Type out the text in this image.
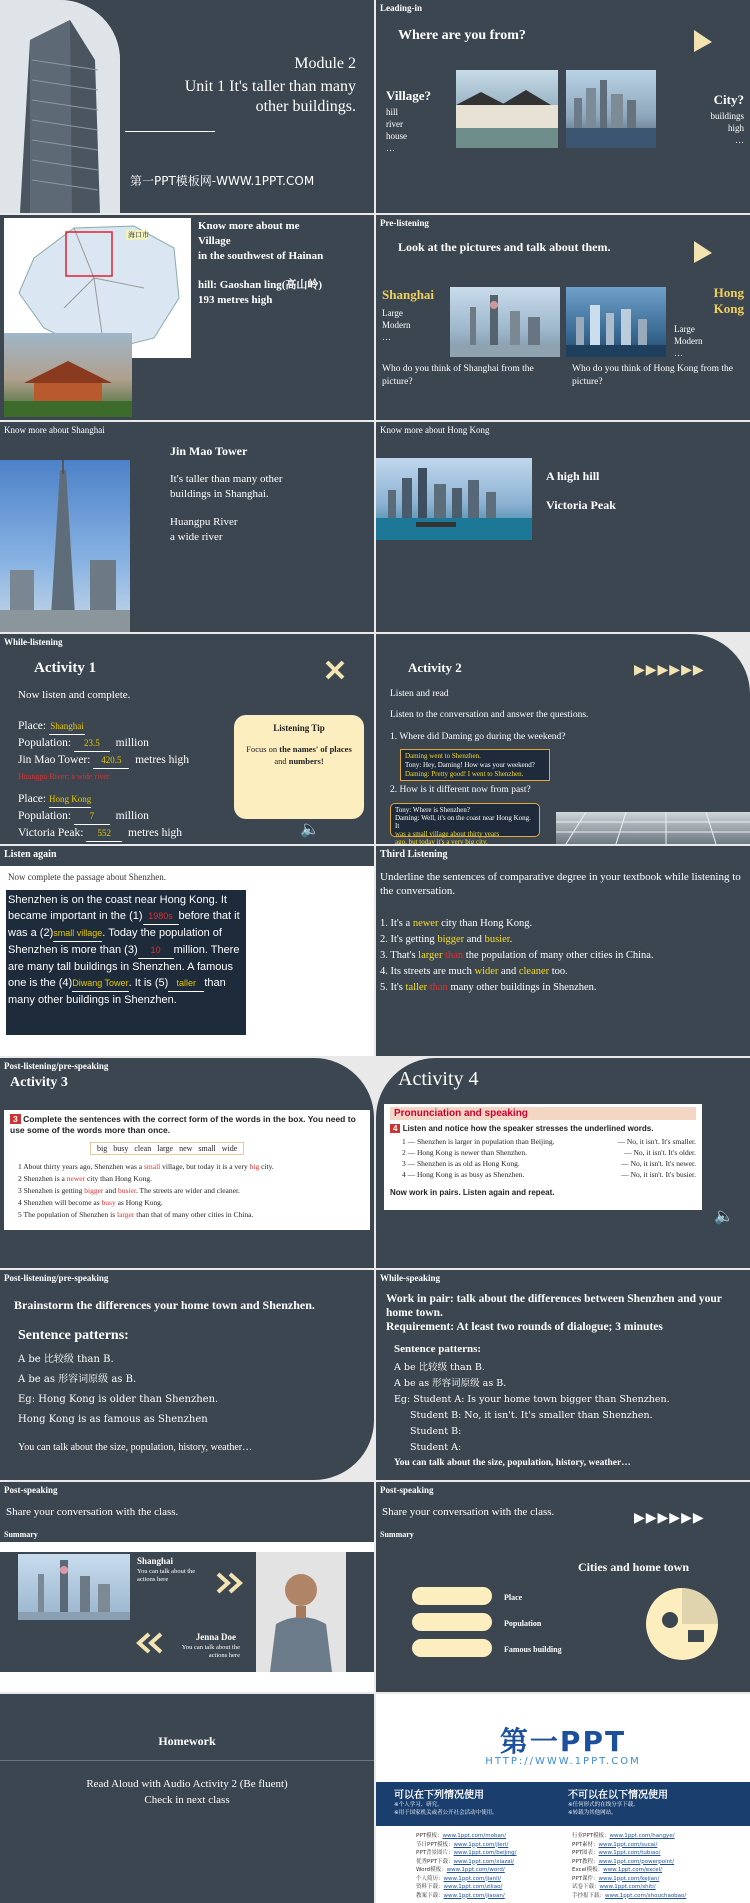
Module 2
Unit 1 It's taller than many
other buildings.
第一PPT模板网-WWW.1PPT.COM
Leading-in
Where are you from?
Village?
hill
river
house
…
City?
buildings
high
…
海口市
Know more about me
Village
in the southwest of Hainan
hill: Gaoshan ling(高山岭)
193 metres high
Pre-listening
Look at the pictures and talk about them.
Shanghai
Large
Modern
…
Hong
Kong
Large
Modern
…
Who do you think of Shanghai from the picture?
Who do you think of Hong Kong from the picture?
Know more about Shanghai
Jin Mao Tower
It's taller than many other
buildings in Shanghai.
Huangpu River
a wide river
Know more about Hong Kong
A high hill
Victoria Peak
While-listening
Activity 1
Now listen and complete.
Place: Shanghai
Population: 23.5 million
Jin Mao Tower: 420.5 metres high
Huangpu River: a wide river
Place: Hong Kong
Population: 7 million
Victoria Peak: 552 metres high
Listening Tip
Focus on the names' of places and numbers!
🔈
Activity 2	▶▶▶▶▶▶
Listen and read
Listen to the conversation and answer the questions.
1. Where did Daming go during the weekend?
Daming went to Shenzhen.
Tony: Hey, Daming! How was your weekend?
Daming: Pretty good! I went to Shenzhen.
2. How is it different now from past?
Tony: Where is Shenzhen?
Daming: Well, it's on the coast near Hong Kong. It
was a small village about thirty years
ago, but today it's a very big city.
Listen again
Now complete the passage about Shenzhen.
Shenzhen is on the coast near Hong Kong. It became important in the (1) 1980s before that it was a (2)small village. Today the population of Shenzhen is more than (3) 10 million. There are many tall buildings in Shenzhen. A famous one is the (4)Diwang Tower. It is (5) taller than many other buildings in Shenzhen.
Third Listening
Underline the sentences of comparative degree in your textbook while listening to the conversation.
1. It's a newer city than Hong Kong.
2. It's getting bigger and busier.
3. That's larger than the population of many other cities in China.
4. Its streets are much wider and cleaner too.
5. It's taller than many other buildings in Shenzhen.
Post-listening/pre-speaking
Activity 3
3 Complete the sentences with the correct form of the words in the box. You need to use some of the words more than once.
big busy clean large new small wide
1 About thirty years ago, Shenzhen was a small village, but today it is a very big city.
2 Shenzhen is a newer city than Hong Kong.
3 Shenzhen is getting bigger and busier. The streets are wider and cleaner.
4 Shenzhen will become as busy as Hong Kong.
5 The population of Shenzhen is larger than that of many other cities in China.
Activity 4
Pronunciation and speaking
4 Listen and notice how the speaker stresses the underlined words.
1 — Shenzhen is larger in population than Beijing.	— No, it isn't. It's smaller.
2 — Hong Kong is newer than Shenzhen.	— No, it isn't. It's older.
3 — Shenzhen is as old as Hong Kong.	— No, it isn't. It's newer.
4 — Hong Kong is as busy as Shenzhen.	— No, it isn't. It's busier.
Now work in pairs. Listen again and repeat.
🔈
Post-listening/pre-speaking
Brainstorm the differences your home town and Shenzhen.
Sentence patterns:
A be 比较级 than B.
A be as 形容词原级 as B.
Eg: Hong Kong is older than Shenzhen.
Hong Kong is as famous as Shenzhen
You can talk about the size, population, history, weather…
While-speaking
Work in pair: talk about the differences between Shenzhen and your home town.
Requirement: At least two rounds of dialogue; 3 minutes
Sentence patterns:
A be 比较级 than B.
A be as 形容词原级 as B.
Eg: Student A: Is your home town bigger than Shenzhen.
Student B: No, it isn't. It's smaller than Shenzhen.
Student B:
Student A:
You can talk about the size, population, history, weather…
Post-speaking
Share your conversation with the class.
Summary
Shanghai
You can talk about the actions here
Jenna Doe
You can talk about the actions here
Post-speaking
Share your conversation with the class.	▶▶▶▶▶▶
Summary
Cities and home town
Place
Population
Famous building
Homework
Read Aloud with Audio Activity 2 (Be fluent)
Check in next class
第一PPT
HTTP://WWW.1PPT.COM
可以在下列情况使用
※个人学习、研究。
※用于国家机关或者公开社会活动中使用。
不可以在以下情况使用
※任何形式的在线分享下载。
※转载为其他网站。
PPT模板：www.1ppt.com/moban/
节日PPT模板：www.1ppt.com/jieri/
PPT背景图片：www.1ppt.com/beijing/
优秀PPT下载：www.1ppt.com/xiazai/
Word模板：www.1ppt.com/word/
个人简历：www.1ppt.com/jianli/
资料下载：www.1ppt.com/ziliao/
教案下载：www.1ppt.com/jiaoan/
行业PPT模板：www.1ppt.com/hangye/
PPT素材：www.1ppt.com/sucai/
PPT图表：www.1ppt.com/tubiao/
PPT教程：www.1ppt.com/powerpoint/
Excel模板：www.1ppt.com/excel/
PPT课件：www.1ppt.com/kejian/
试卷下载：www.1ppt.com/shiti/
手抄报下载：www.1ppt.com/shouchaobao/
